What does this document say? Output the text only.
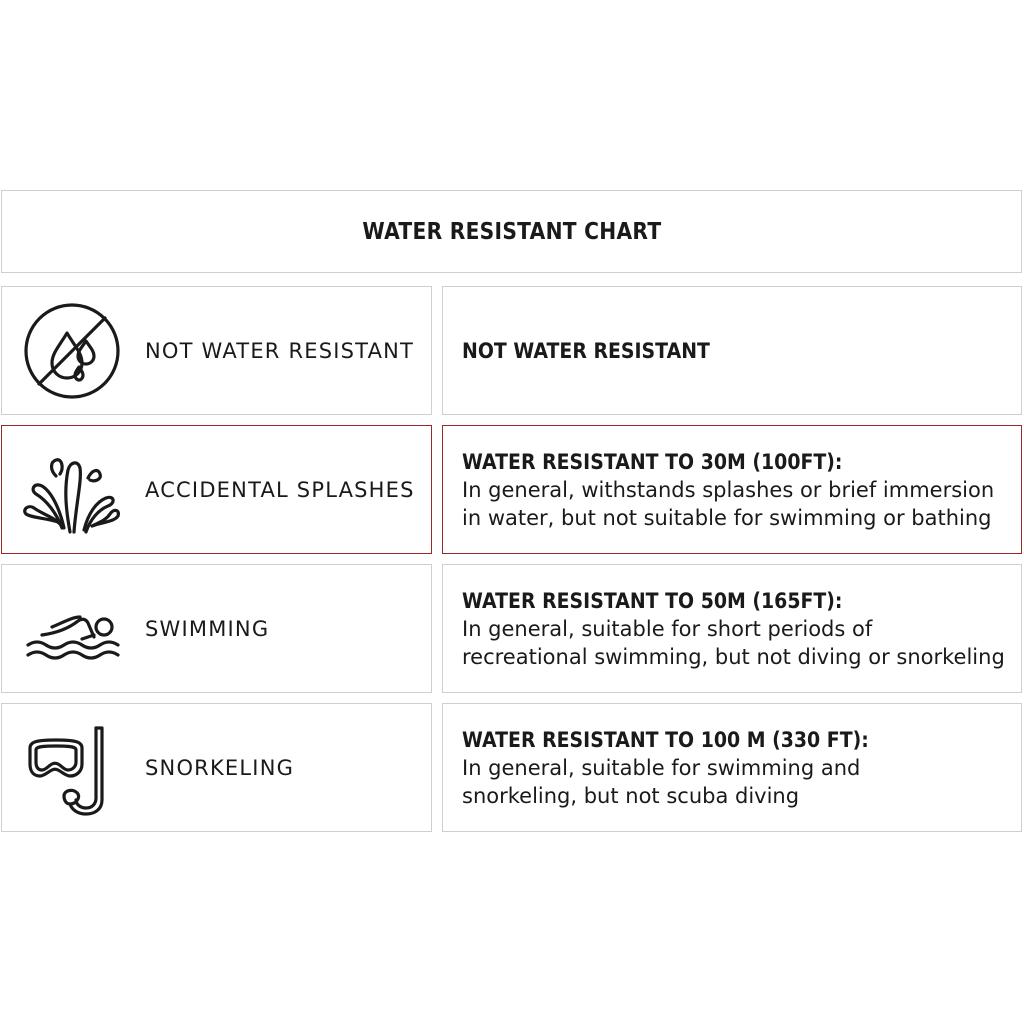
WATER RESISTANT CHART
NOT WATER RESISTANT NOT WATER RESISTANT
ACCIDENTAL SPLASHES
WATER RESISTANT TO 30M (100FT):
In general, withstands splashes or brief immersion
in water, but not suitable for swimming or bathing
SWIMMING
WATER RESISTANT TO 50M (165FT):
In general, suitable for short periods of
recreational swimming, but not diving or snorkeling
SNORKELING
WATER RESISTANT TO 100 M (330 FT):
In general, suitable for swimming and
snorkeling, but not scuba diving
